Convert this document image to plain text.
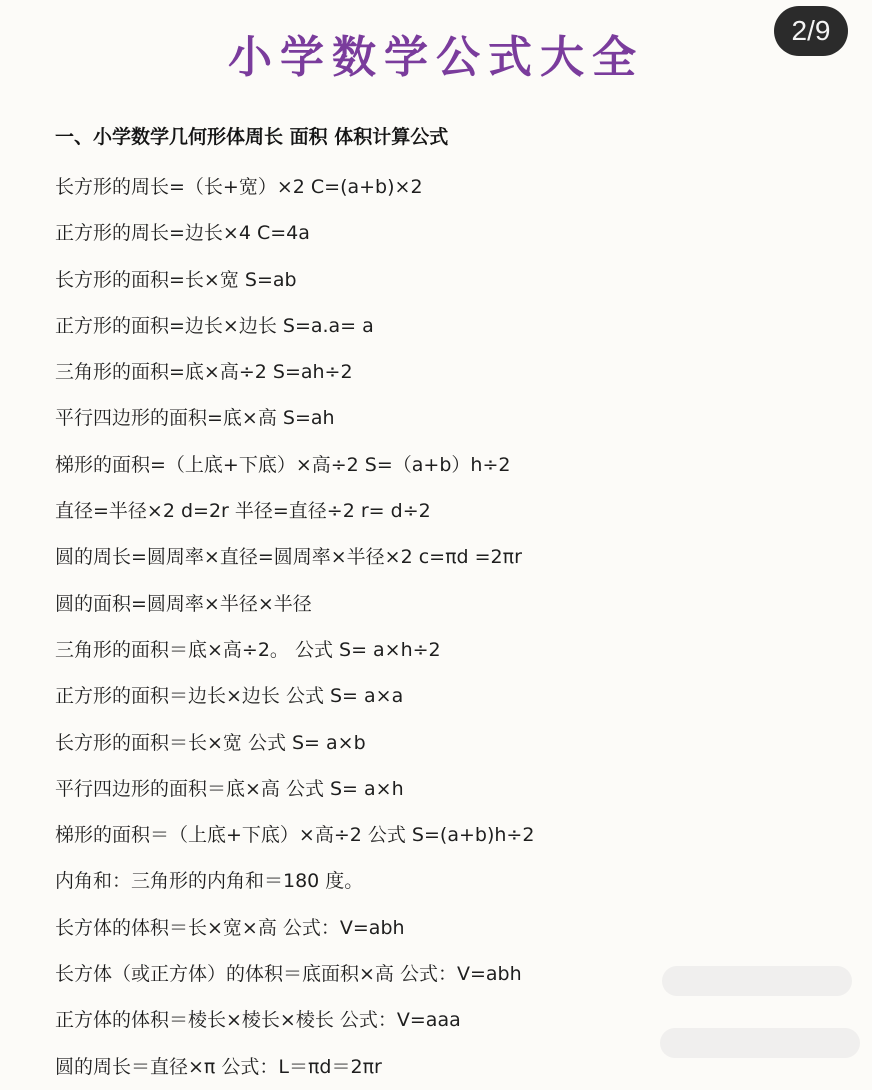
2/9
小学数学公式大全
一、小学数学几何形体周长 面积 体积计算公式
长方形的周长=（长+宽）×2 C=(a+b)×2
正方形的周长=边长×4 C=4a
长方形的面积=长×宽 S=ab
正方形的面积=边长×边长 S=a.a= a
三角形的面积=底×高÷2 S=ah÷2
平行四边形的面积=底×高 S=ah
梯形的面积=（上底+下底）×高÷2 S=（a+b）h÷2
直径=半径×2 d=2r 半径=直径÷2 r= d÷2
圆的周长=圆周率×直径=圆周率×半径×2 c=πd =2πr
圆的面积=圆周率×半径×半径
三角形的面积＝底×高÷2。 公式 S= a×h÷2
正方形的面积＝边长×边长 公式 S= a×a
长方形的面积＝长×宽 公式 S= a×b
平行四边形的面积＝底×高 公式 S= a×h
梯形的面积＝（上底+下底）×高÷2 公式 S=(a+b)h÷2
内角和：三角形的内角和＝180 度。
长方体的体积＝长×宽×高 公式：V=abh
长方体（或正方体）的体积＝底面积×高 公式：V=abh
正方体的体积＝棱长×棱长×棱长 公式：V=aaa
圆的周长＝直径×π 公式：L＝πd＝2πr
